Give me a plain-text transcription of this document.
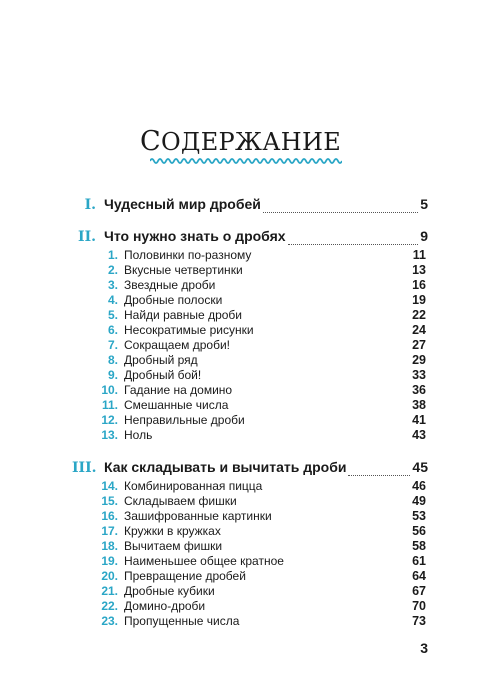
СОДЕРЖАНИЕ
I. Чудесный мир дробей	5
II. Что нужно знать о дробях	9
1. Половинки по-разному	11
2. Вкусные четвертинки	13
3. Звездные дроби	16
4. Дробные полоски	19
5. Найди равные дроби	22
6. Несократимые рисунки	24
7. Сокращаем дроби!	27
8. Дробный ряд	29
9. Дробный бой!	33
10. Гадание на домино	36
11. Смешанные числа	38
12. Неправильные дроби	41
13. Ноль	43
III. Как складывать и вычитать дроби	45
14. Комбинированная пицца	46
15. Складываем фишки	49
16. Зашифрованные картинки	53
17. Кружки в кружках	56
18. Вычитаем фишки	58
19. Наименьшее общее кратное	61
20. Превращение дробей	64
21. Дробные кубики	67
22. Домино-дроби	70
23. Пропущенные числа	73
3
